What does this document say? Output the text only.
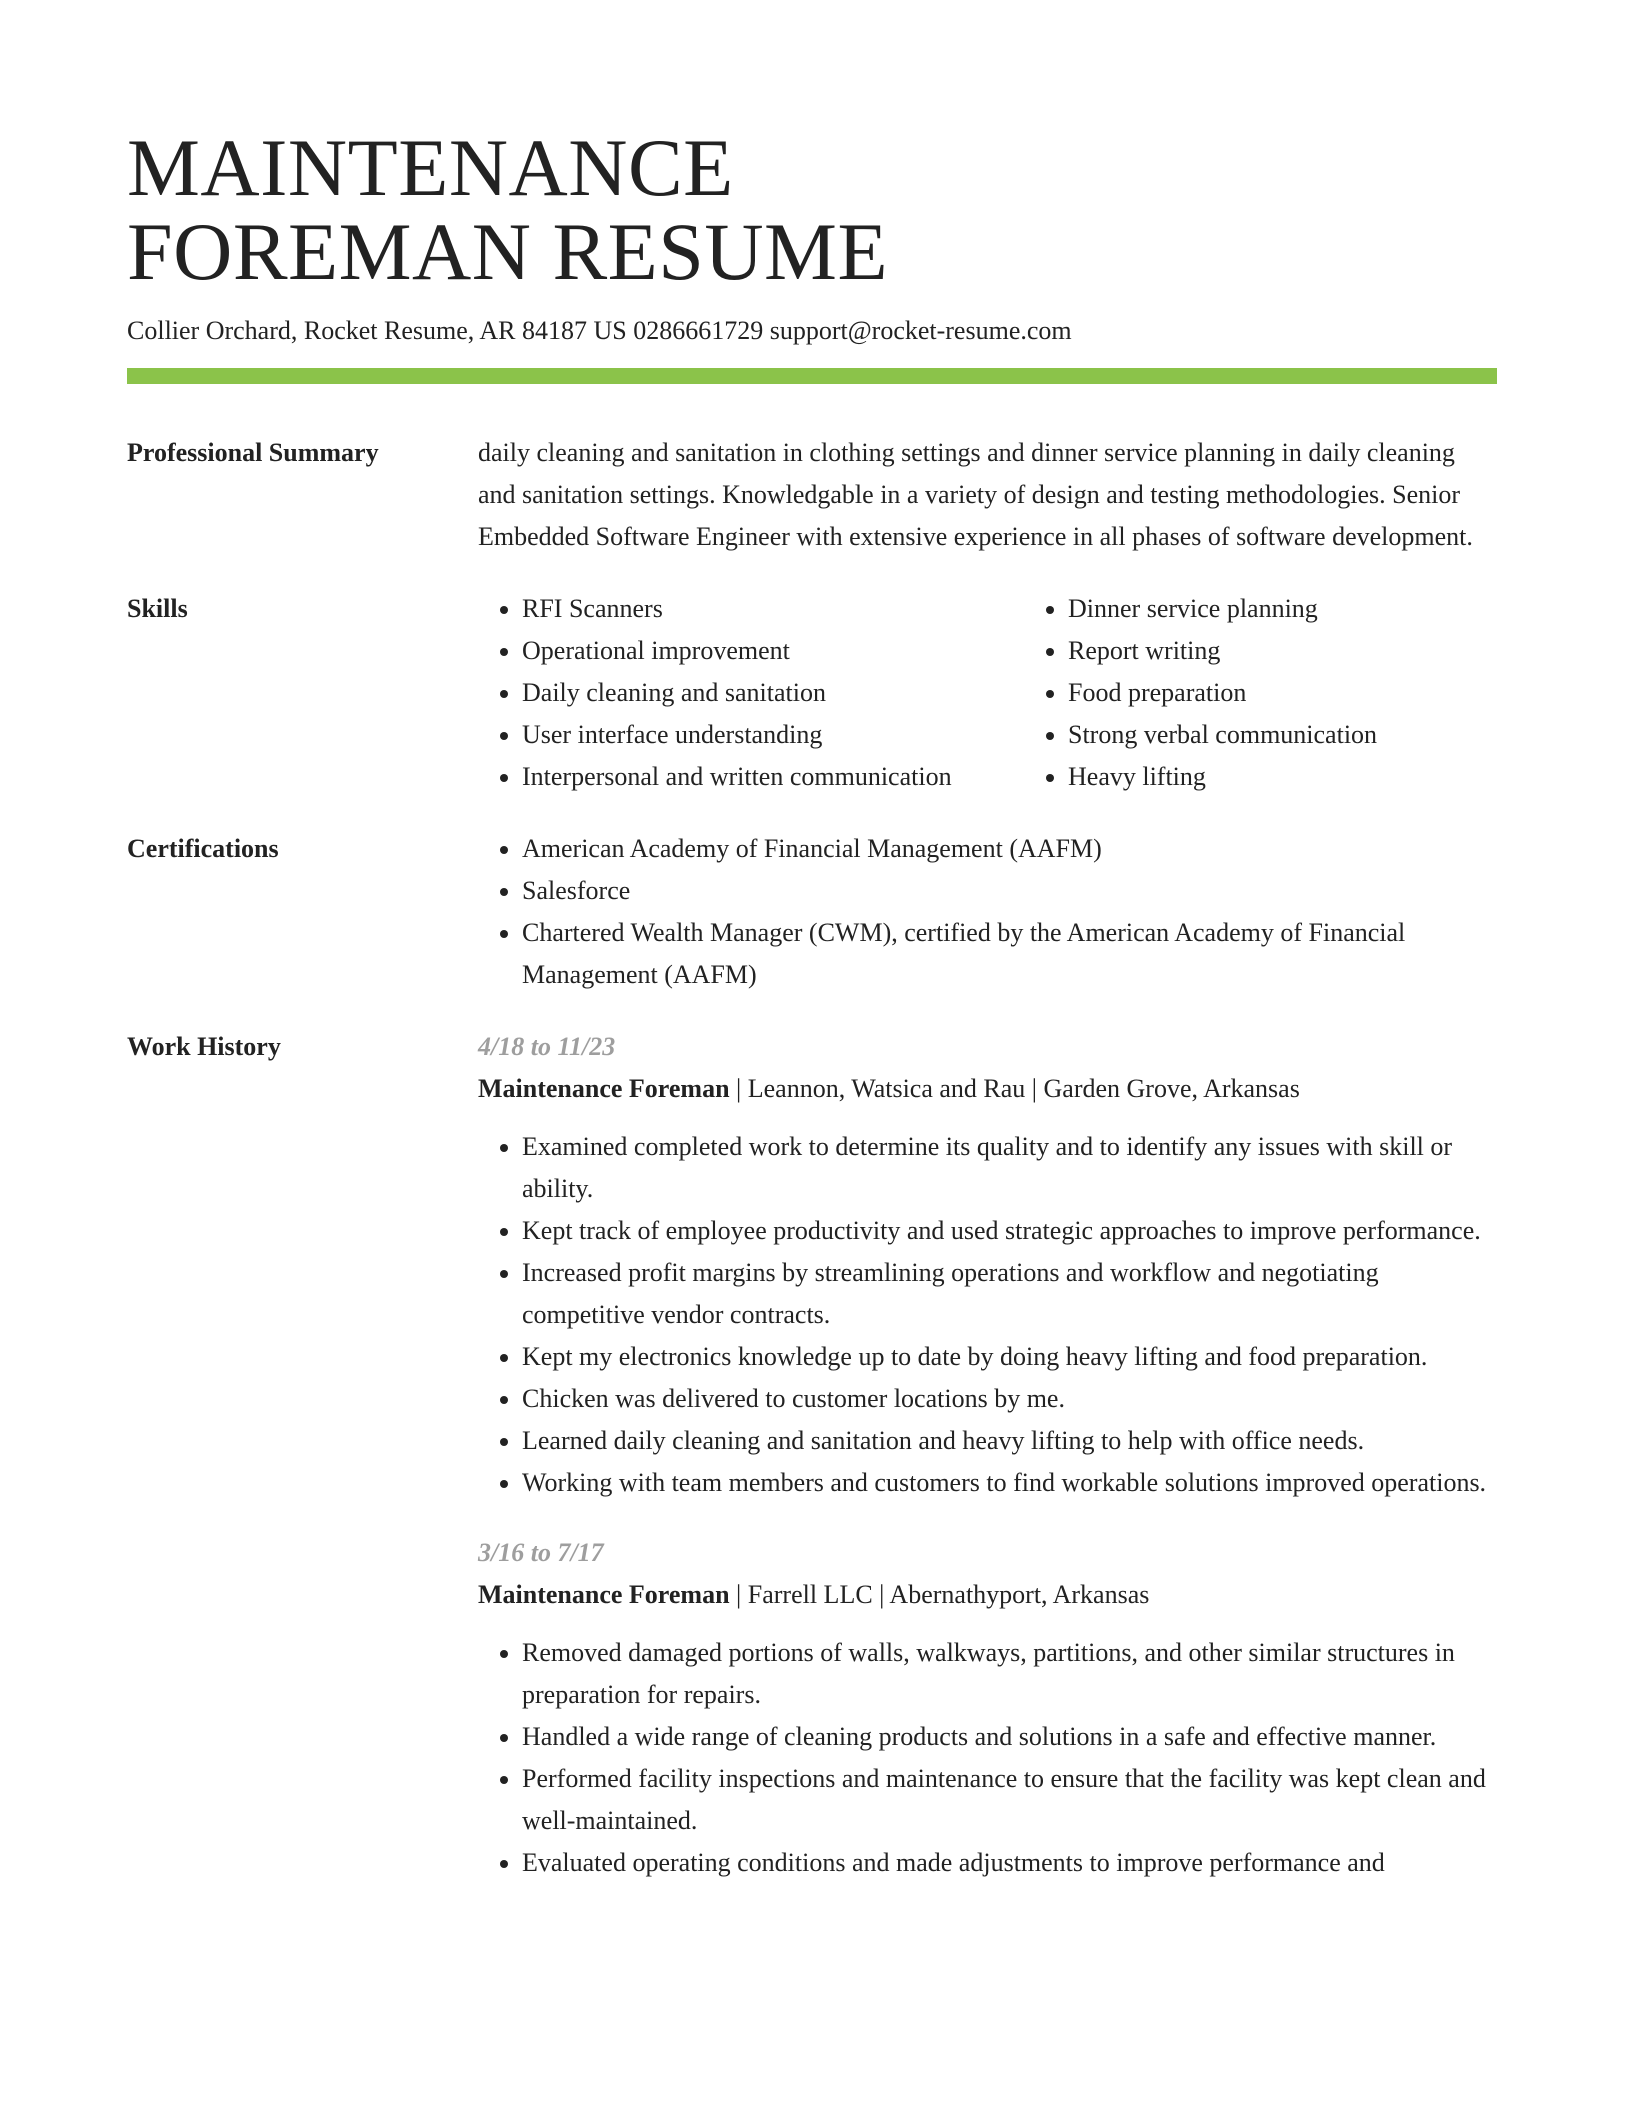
MAINTENANCE
FOREMAN RESUME
Collier Orchard, Rocket Resume, AR 84187 US 0286661729 support@rocket-resume.com
Professional Summary	daily cleaning and sanitation in clothing settings and dinner service planning in daily cleaning and sanitation settings. Knowledgable in a variety of design and testing methodologies. Senior Embedded Software Engineer with extensive experience in all phases of software development.

Skills	• RFI Scanners
• Operational improvement
• Daily cleaning and sanitation
• User interface understanding
• Interpersonal and written communication
• Dinner service planning
• Report writing
• Food preparation
• Strong verbal communication
• Heavy lifting
Certifications	• American Academy of Financial Management (AAFM)
• Salesforce
• Chartered Wealth Manager (CWM), certified by the American Academy of Financial Management (AAFM)
Work History	4/18 to 11/23
Maintenance Foreman | Leannon, Watsica and Rau | Garden Grove, Arkansas
• Examined completed work to determine its quality and to identify any issues with skill or ability.
• Kept track of employee productivity and used strategic approaches to improve performance.
• Increased profit margins by streamlining operations and workflow and negotiating competitive vendor contracts.
• Kept my electronics knowledge up to date by doing heavy lifting and food preparation.
• Chicken was delivered to customer locations by me.
• Learned daily cleaning and sanitation and heavy lifting to help with office needs.
• Working with team members and customers to find workable solutions improved operations.
3/16 to 7/17
Maintenance Foreman | Farrell LLC | Abernathyport, Arkansas
• Removed damaged portions of walls, walkways, partitions, and other similar structures in preparation for repairs.
• Handled a wide range of cleaning products and solutions in a safe and effective manner.
• Performed facility inspections and maintenance to ensure that the facility was kept clean and well-maintained.
• Evaluated operating conditions and made adjustments to improve performance and
